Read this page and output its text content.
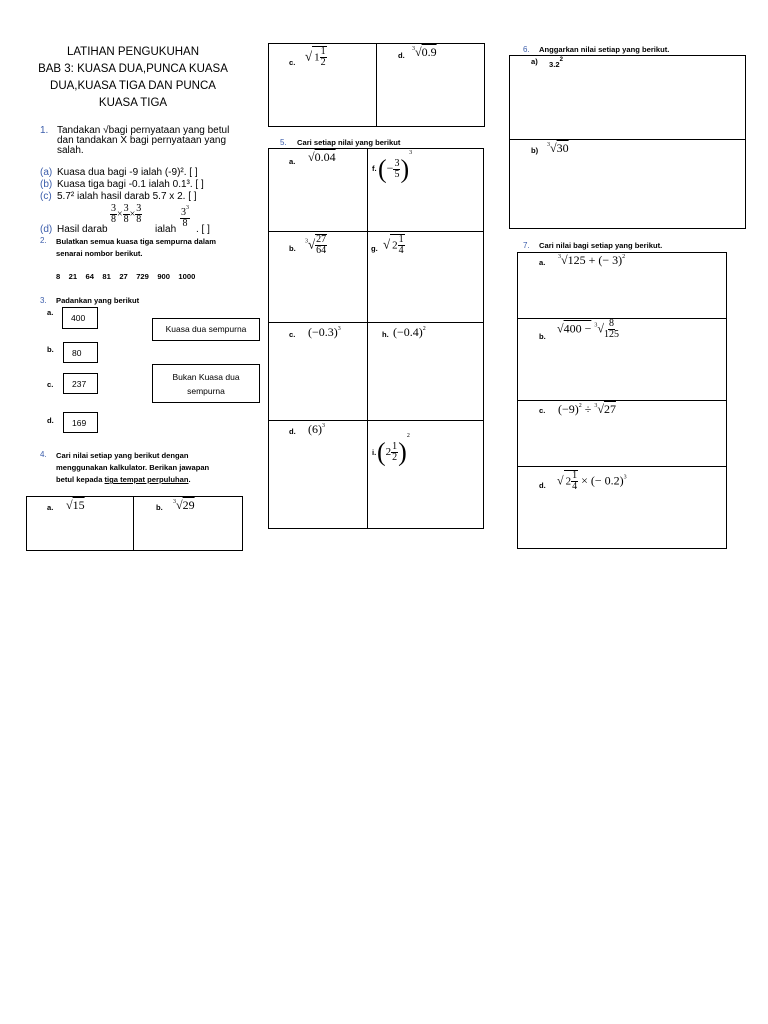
LATIHAN PENGUKUHAN
BAB 3: KUASA DUA,PUNCA KUASA
DUA,KUASA TIGA DAN PUNCA
KUASA TIGA
1. Tandakan √bagi pernyataan yang betul
dan tandakan X bagi pernyataan yang
salah.
(a) Kuasa dua bagi -9 ialah (-9)². [ ]
(b) Kuasa tiga bagi -0.1 ialah 0.1³. [ ]
(c) 5.7² ialah hasil darab 5.7 x 2. [ ]
(d) Hasil darab
$\frac{3}{8} \times \frac{3}{8} \times \frac{3}{8}$
ialah
$\frac{3^3}{8}$
. [ ]
2. Bulatkan semua kuasa tiga sempurna dalam
senarai nombor berikut.
8    21    64    81    27    729    900    1000
3. Padankan yang berikut
a.
400
b.	80
c.	237
d.	169
Kuasa dua sempurna
Bukan Kuasa dua
sempurna
4. Cari nilai setiap yang berikut dengan
menggunakan kalkulator. Berikan jawapan
betul kepada tiga tempat perpuluhan.
a. √15	b.
$^3$√29
c. √ $1 \frac{1}{2}$	d.
$^3$√0.9
5. Cari setiap nilai yang berikut
a. √0.04
f. (− $\frac{3}{5} )^3$
b.
$^3√ \frac{27}{64}$	g. √ $2 \frac{1}{4}$
c. $(-0.3)^3$
h. $(-0.4)^2$
d. $(6)^3$
i. $(2 \frac{1}{2} )^2$
6. Anggarkan nilai setiap yang berikut.
a) $3.2^2$
b)
$^3$√30
7. Cari nilai bagi setiap yang berikut.
a.
$^3$√125 + (− 3)$^2$
b.
$√400 - ^3√ \frac{8}{125}$
c. $(-9)^2 \div ^3√27$
d. √ $2 \frac{1}{4}$ × (− 0.2)$^3$
